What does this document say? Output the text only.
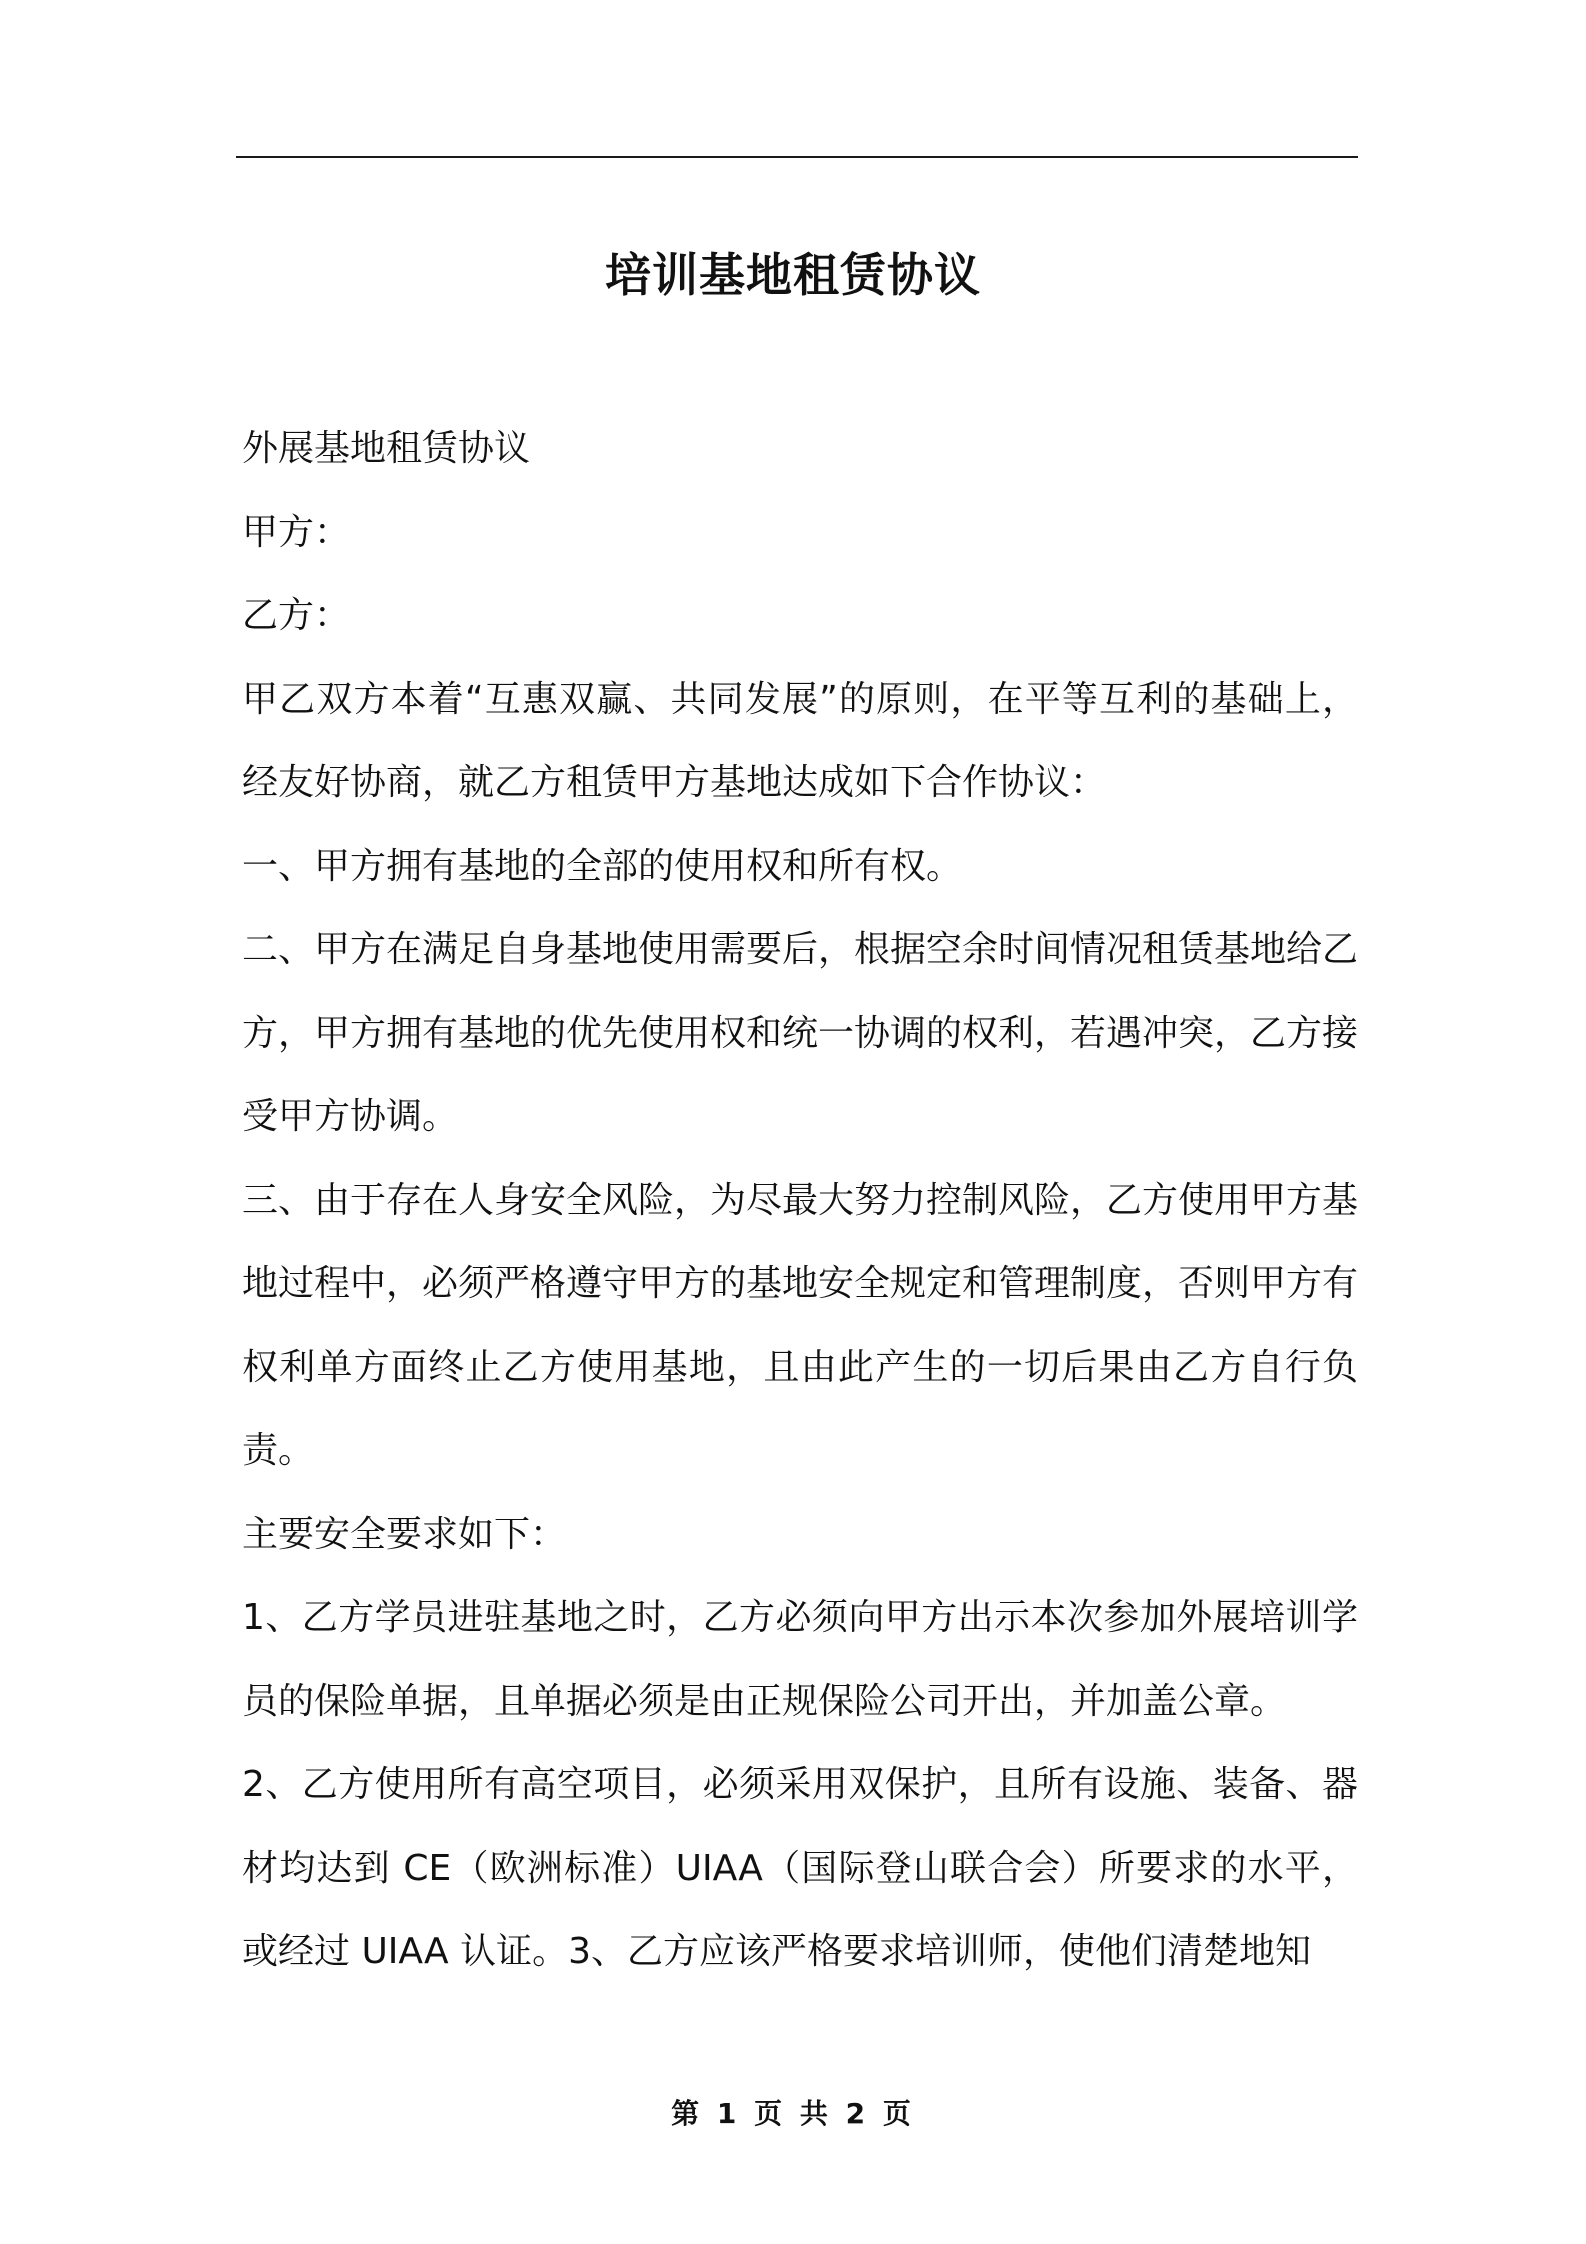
培训基地租赁协议

外展基地租赁协议

甲方：

乙方：

甲乙双方本着“互惠双赢、共同发展”的原则，在平等互利的基础上，经友好协商，就乙方租赁甲方基地达成如下合作协议：

一、甲方拥有基地的全部的使用权和所有权。

二、甲方在满足自身基地使用需要后，根据空余时间情况租赁基地给乙方，甲方拥有基地的优先使用权和统一协调的权利，若遇冲突，乙方接受甲方协调。

三、由于存在人身安全风险，为尽最大努力控制风险，乙方使用甲方基地过程中，必须严格遵守甲方的基地安全规定和管理制度，否则甲方有权利单方面终止乙方使用基地，且由此产生的一切后果由乙方自行负责。

主要安全要求如下：

1、乙方学员进驻基地之时，乙方必须向甲方出示本次参加外展培训学员的保险单据，且单据必须是由正规保险公司开出，并加盖公章。

2、乙方使用所有高空项目，必须采用双保护，且所有设施、装备、器材均达到 CE（欧洲标准）UIAA（国际登山联合会）所要求的水平，或经过 UIAA 认证。3、乙方应该严格要求培训师，使他们清楚地知

第 1 页 共 2 页
